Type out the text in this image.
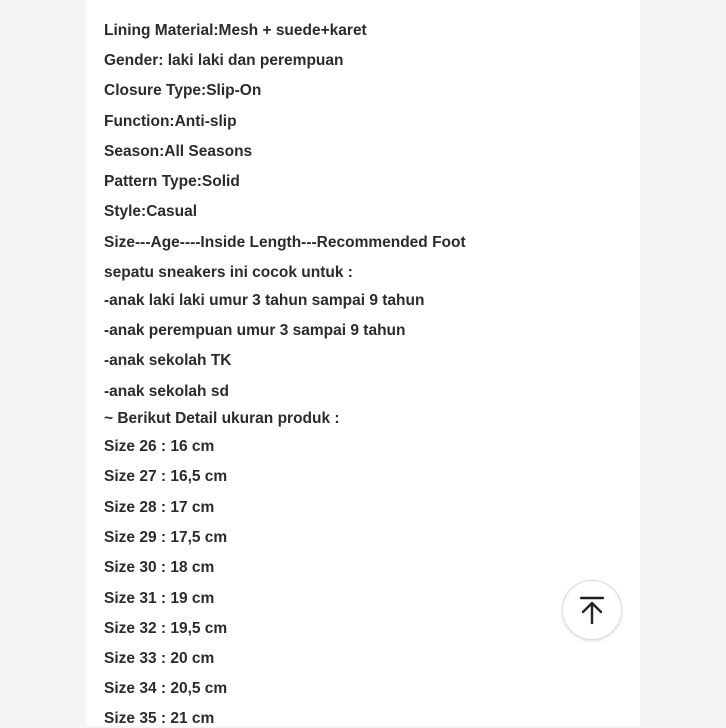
Lining Material:Mesh + suede+karet

Gender: laki laki dan perempuan

Closure Type:Slip-On

Function:Anti-slip

Season:All Seasons

Pattern Type:Solid

Style:Casual

Size---Age----Inside Length---Recommended Foot

sepatu sneakers ini cocok untuk :

-anak laki laki umur 3 tahun sampai 9 tahun

-anak perempuan umur 3 sampai 9 tahun

-anak sekolah TK

-anak sekolah sd

~ Berikut Detail ukuran produk :

Size 26 : 16 cm

Size 27 : 16,5 cm

Size 28 : 17 cm

Size 29 : 17,5 cm

Size 30 : 18 cm

Size 31 : 19 cm

Size 32 : 19,5 cm

Size 33 : 20 cm

Size 34 : 20,5 cm

Size 35 : 21 cm
